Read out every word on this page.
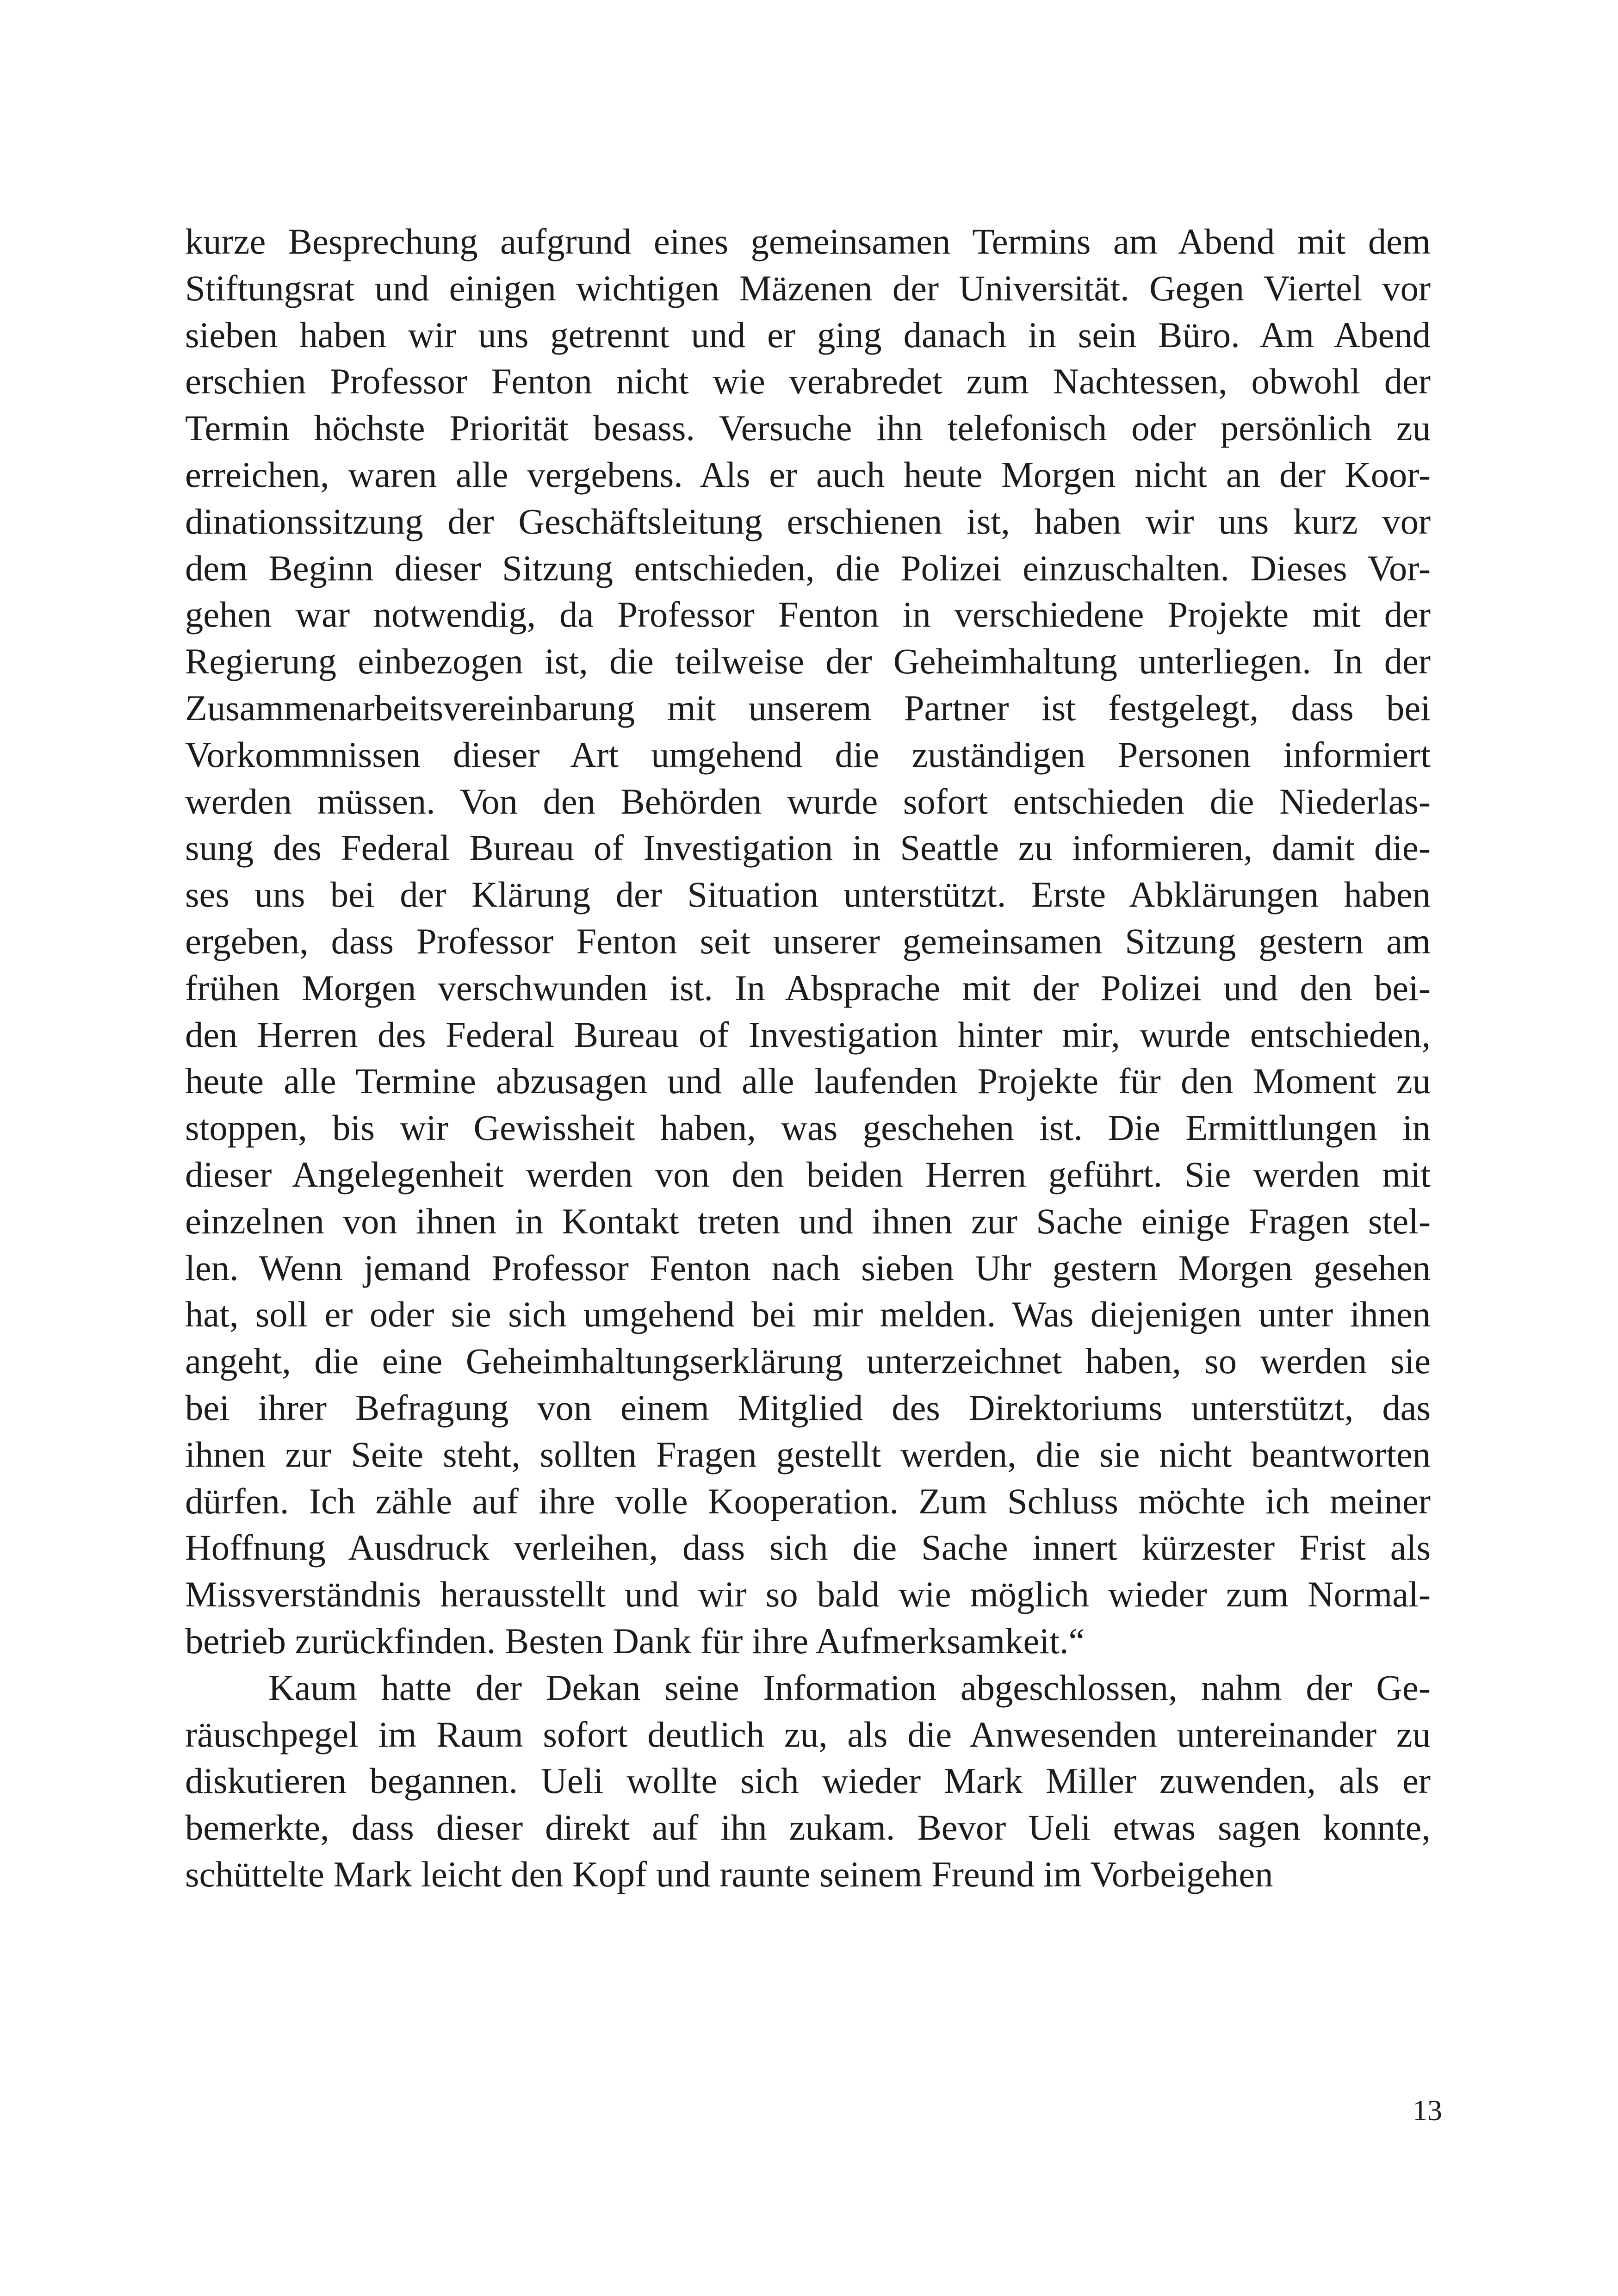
kurze Besprechung aufgrund eines gemeinsamen Termins am Abend mit dem
Stiftungsrat und einigen wichtigen Mäzenen der Universität. Gegen Viertel vor
sieben haben wir uns getrennt und er ging danach in sein Büro. Am Abend
erschien Professor Fenton nicht wie verabredet zum Nachtessen, obwohl der
Termin höchste Priorität besass. Versuche ihn telefonisch oder persönlich zu
erreichen, waren alle vergebens. Als er auch heute Morgen nicht an der Koor-
dinationssitzung der Geschäftsleitung erschienen ist, haben wir uns kurz vor
dem Beginn dieser Sitzung entschieden, die Polizei einzuschalten. Dieses Vor-
gehen war notwendig, da Professor Fenton in verschiedene Projekte mit der
Regierung einbezogen ist, die teilweise der Geheimhaltung unterliegen. In der
Zusammenarbeitsvereinbarung mit unserem Partner ist festgelegt, dass bei
Vorkommnissen dieser Art umgehend die zuständigen Personen informiert
werden müssen. Von den Behörden wurde sofort entschieden die Niederlas-
sung des Federal Bureau of Investigation in Seattle zu informieren, damit die-
ses uns bei der Klärung der Situation unterstützt. Erste Abklärungen haben
ergeben, dass Professor Fenton seit unserer gemeinsamen Sitzung gestern am
frühen Morgen verschwunden ist. In Absprache mit der Polizei und den bei-
den Herren des Federal Bureau of Investigation hinter mir, wurde entschieden,
heute alle Termine abzusagen und alle laufenden Projekte für den Moment zu
stoppen, bis wir Gewissheit haben, was geschehen ist. Die Ermittlungen in
dieser Angelegenheit werden von den beiden Herren geführt. Sie werden mit
einzelnen von ihnen in Kontakt treten und ihnen zur Sache einige Fragen stel-
len. Wenn jemand Professor Fenton nach sieben Uhr gestern Morgen gesehen
hat, soll er oder sie sich umgehend bei mir melden. Was diejenigen unter ihnen
angeht, die eine Geheimhaltungserklärung unterzeichnet haben, so werden sie
bei ihrer Befragung von einem Mitglied des Direktoriums unterstützt, das
ihnen zur Seite steht, sollten Fragen gestellt werden, die sie nicht beantworten
dürfen. Ich zähle auf ihre volle Kooperation. Zum Schluss möchte ich meiner
Hoffnung Ausdruck verleihen, dass sich die Sache innert kürzester Frist als
Missverständnis herausstellt und wir so bald wie möglich wieder zum Normal-
betrieb zurückfinden. Besten Dank für ihre Aufmerksamkeit.“
Kaum hatte der Dekan seine Information abgeschlossen, nahm der Ge-
räuschpegel im Raum sofort deutlich zu, als die Anwesenden untereinander zu
diskutieren begannen. Ueli wollte sich wieder Mark Miller zuwenden, als er
bemerkte, dass dieser direkt auf ihn zukam. Bevor Ueli etwas sagen konnte,
schüttelte Mark leicht den Kopf und raunte seinem Freund im Vorbeigehen
13
